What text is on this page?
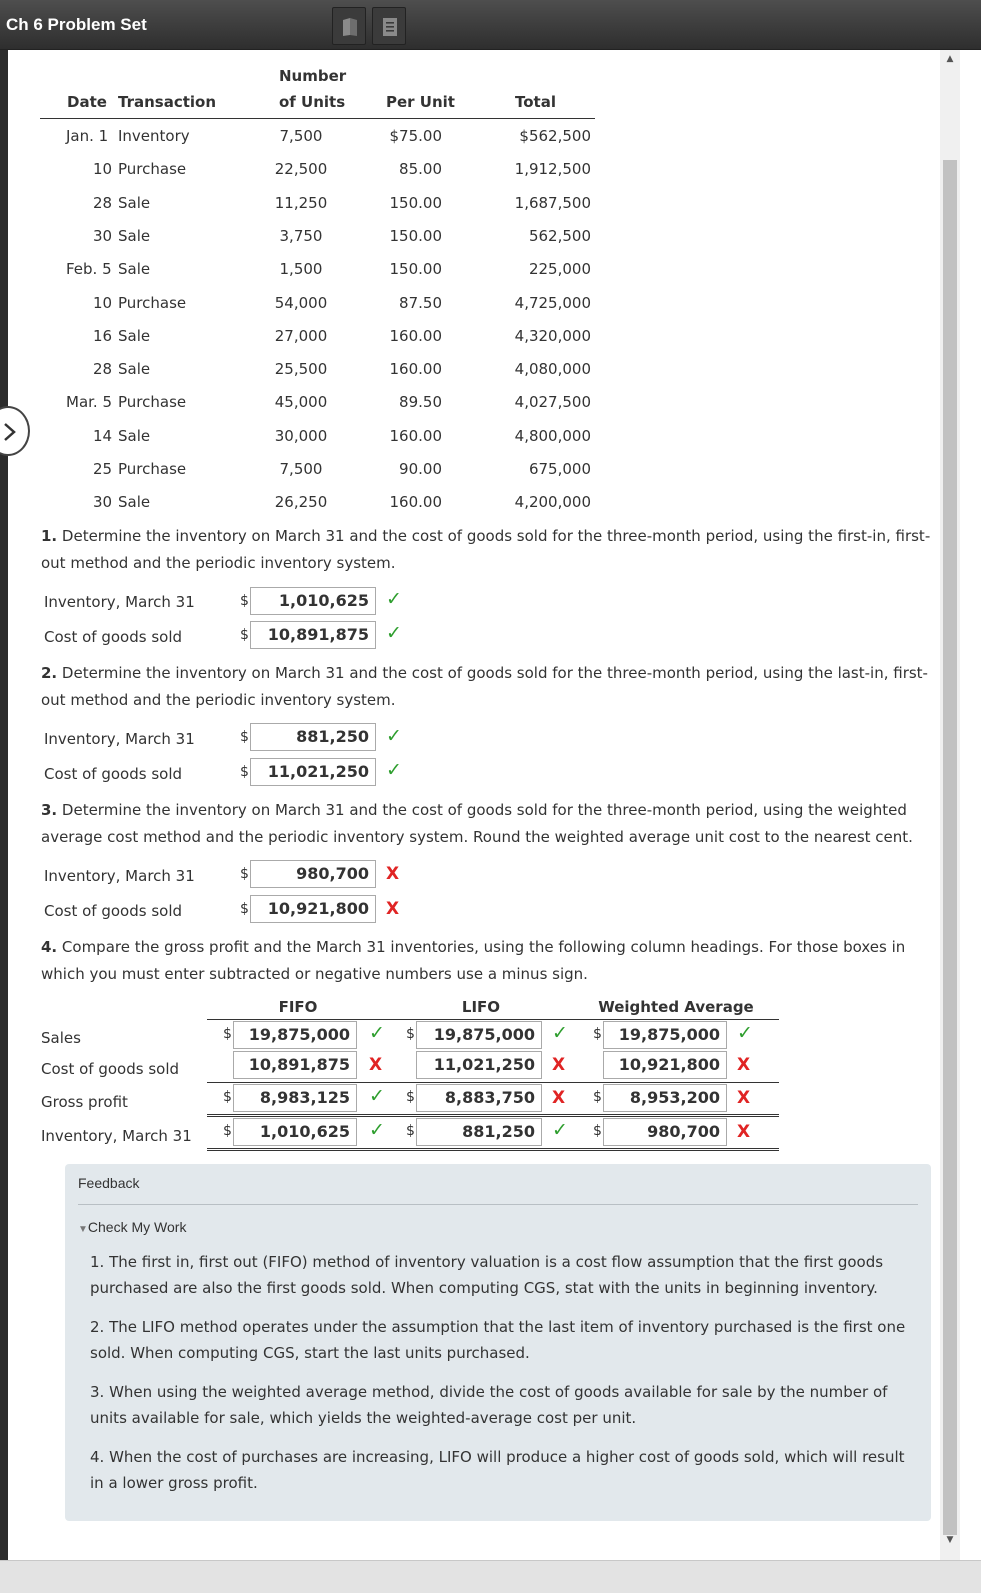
Ch 6 Problem Set
▲
▼
Number
Date Transaction	of Units	Per Unit	Total
Jan. 1 Inventory	7,500	$75.00	$562,500
10 Purchase	22,500	85.00	1,912,500
28 Sale	11,250	150.00	1,687,500
30 Sale	3,750	150.00	562,500
Feb. 5 Sale	1,500	150.00	225,000
10 Purchase	54,000	87.50	4,725,000
16 Sale	27,000	160.00	4,320,000
28 Sale	25,500	160.00	4,080,000
Mar. 5 Purchase	45,000	89.50	4,027,500
14 Sale	30,000	160.00	4,800,000
25 Purchase	7,500	90.00	675,000
30 Sale	26,250	160.00	4,200,000
1. Determine the inventory on March 31 and the cost of goods sold for the three-month period, using the first-in, first-out method and the periodic inventory system.
Inventory, March 31	$	1,010,625 ✓
Cost of goods sold	$	10,891,875 ✓
2. Determine the inventory on March 31 and the cost of goods sold for the three-month period, using the last-in, first-out method and the periodic inventory system.
Inventory, March 31	$	881,250 ✓
Cost of goods sold	$	11,021,250 ✓
3. Determine the inventory on March 31 and the cost of goods sold for the three-month period, using the weighted average cost method and the periodic inventory system. Round the weighted average unit cost to the nearest cent.
Inventory, March 31	$	980,700	X
Cost of goods sold	$	10,921,800	X
4. Compare the gross profit and the March 31 inventories, using the following column headings. For those boxes in which you must enter subtracted or negative numbers use a minus sign.
FIFO	LIFO	Weighted Average
Sales	$	19,875,000	✓ $	19,875,000 ✓ $	19,875,000 ✓
Cost of goods sold	10,891,875	X	11,021,250	X	10,921,800	X
Gross profit	$	8,983,125	✓ $	8,883,750	X $	8,953,200	X
Inventory, March 31 $	1,010,625	✓ $	881,250 ✓ $	980,700	X
Feedback
▼Check My Work
1. The first in, first out (FIFO) method of inventory valuation is a cost flow assumption that the first goods purchased are also the first goods sold. When computing CGS, stat with the units in beginning inventory.
2. The LIFO method operates under the assumption that the last item of inventory purchased is the first one sold. When computing CGS, start the last units purchased.
3. When using the weighted average method, divide the cost of goods available for sale by the number of units available for sale, which yields the weighted-average cost per unit.
4. When the cost of purchases are increasing, LIFO will produce a higher cost of goods sold, which will result in a lower gross profit.
